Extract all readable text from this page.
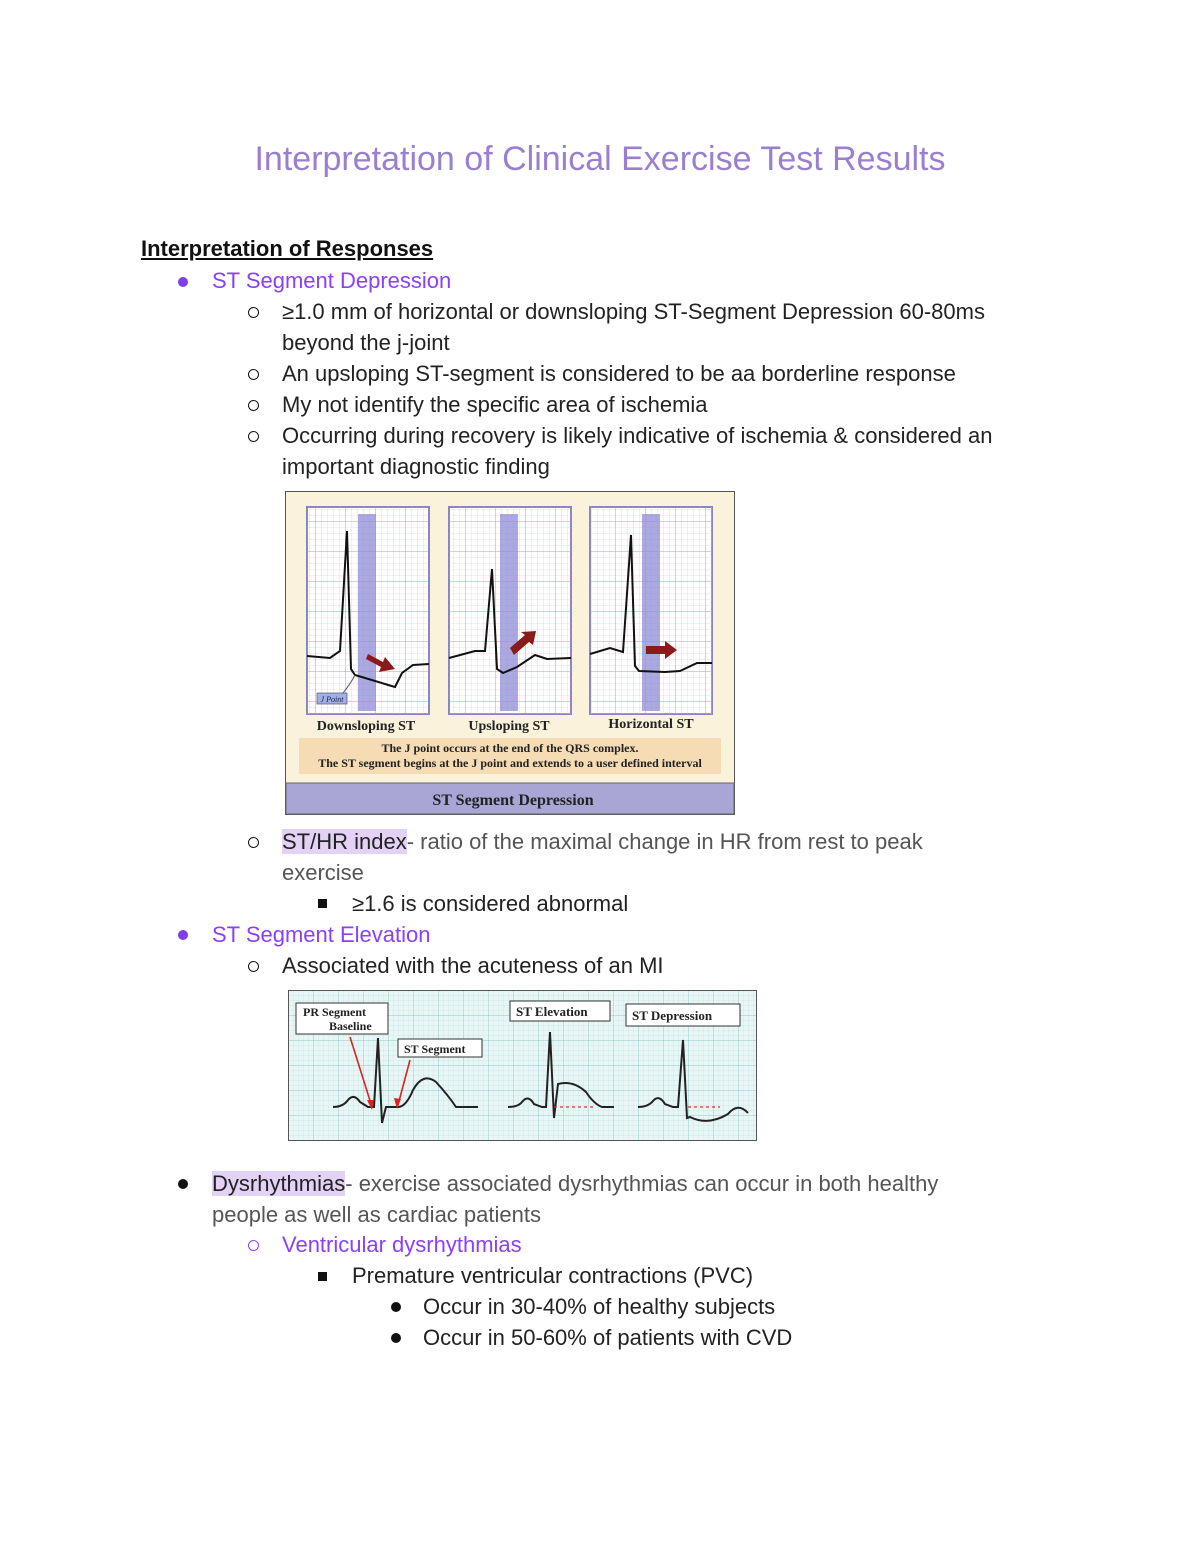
Interpretation of Clinical Exercise Test Results
Interpretation of Responses
ST Segment Depression
≥1.0 mm of horizontal or downsloping ST-Segment Depression 60-80ms
beyond the j-joint
An upsloping ST-segment is considered to be aa borderline response
My not identify the specific area of ischemia
Occurring during recovery is likely indicative of ischemia & considered an
important diagnostic finding
J Point
Downsloping ST	Upsloping ST	Horizontal ST
The J point occurs at the end of the QRS complex.
The ST segment begins at the J point and extends to a user defined interval
ST Segment Depression
ST/HR index- ratio of the maximal change in HR from rest to peak
exercise
≥1.6 is considered abnormal
ST Segment Elevation
Associated with the acuteness of an MI
PR Segment
Baseline
ST Segment
ST Elevation	ST Depression
Dysrhythmias- exercise associated dysrhythmias can occur in both healthy
people as well as cardiac patients
Ventricular dysrhythmias
Premature ventricular contractions (PVC)
Occur in 30-40% of healthy subjects
Occur in 50-60% of patients with CVD
